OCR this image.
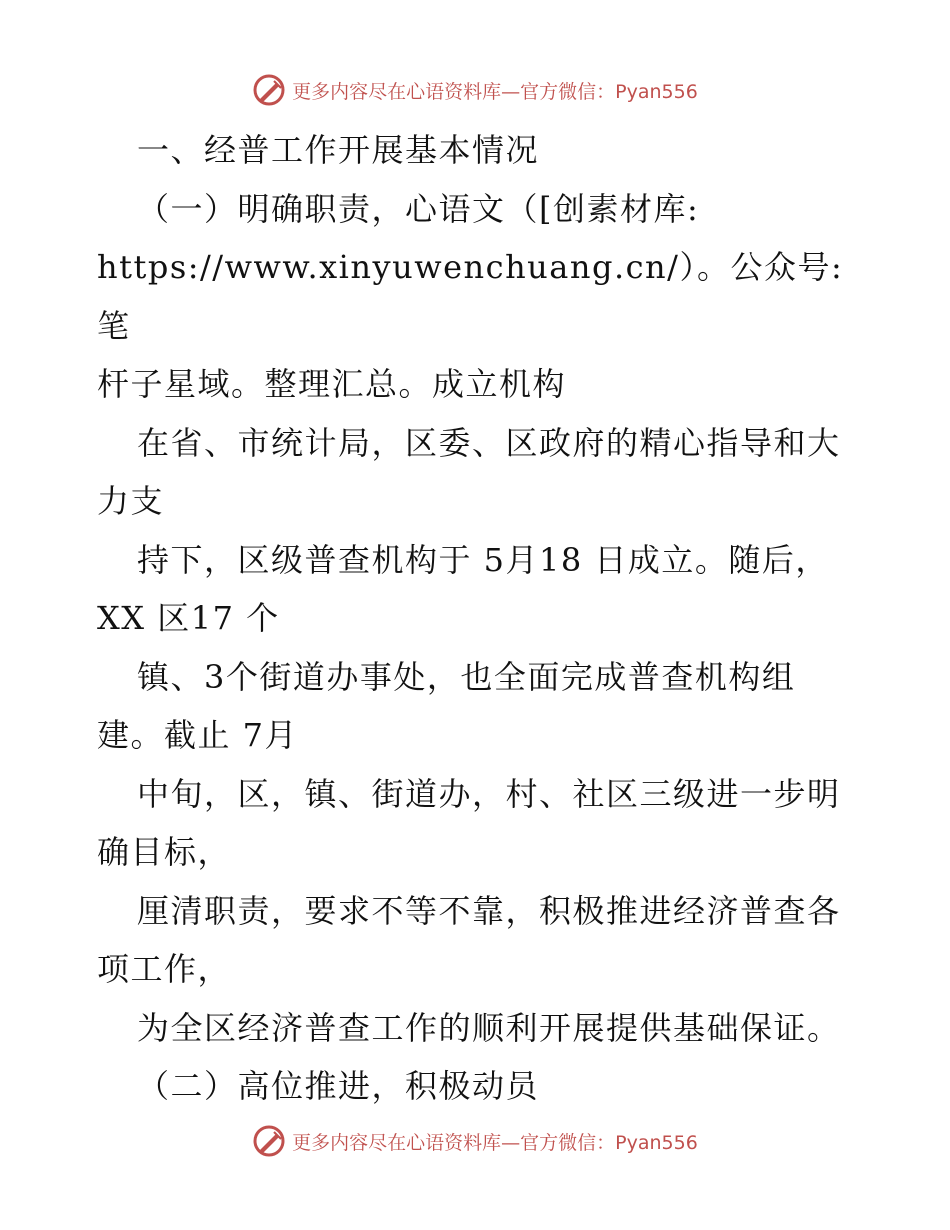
更多内容尽在心语资料库—官方微信：Pyan556

一、经普工作开展基本情况

（一）明确职责，心语文（[创素材库:

https://www.xinyuwenchuang.cn/）。公众号: 笔

杆子星域。整理汇总。成立机构

在省、市统计局，区委、区政府的精心指导和大

力支

持下，区级普查机构于 5月18 日成立。随后，

XX 区17 个

镇、3个街道办事处，也全面完成普查机构组

建。截止 7月

中旬，区，镇、街道办，村、社区三级进一步明

确目标，

厘清职责，要求不等不靠，积极推进经济普查各

项工作，

为全区经济普查工作的顺利开展提供基础保证。

（二）高位推进，积极动员

更多内容尽在心语资料库—官方微信：Pyan556
